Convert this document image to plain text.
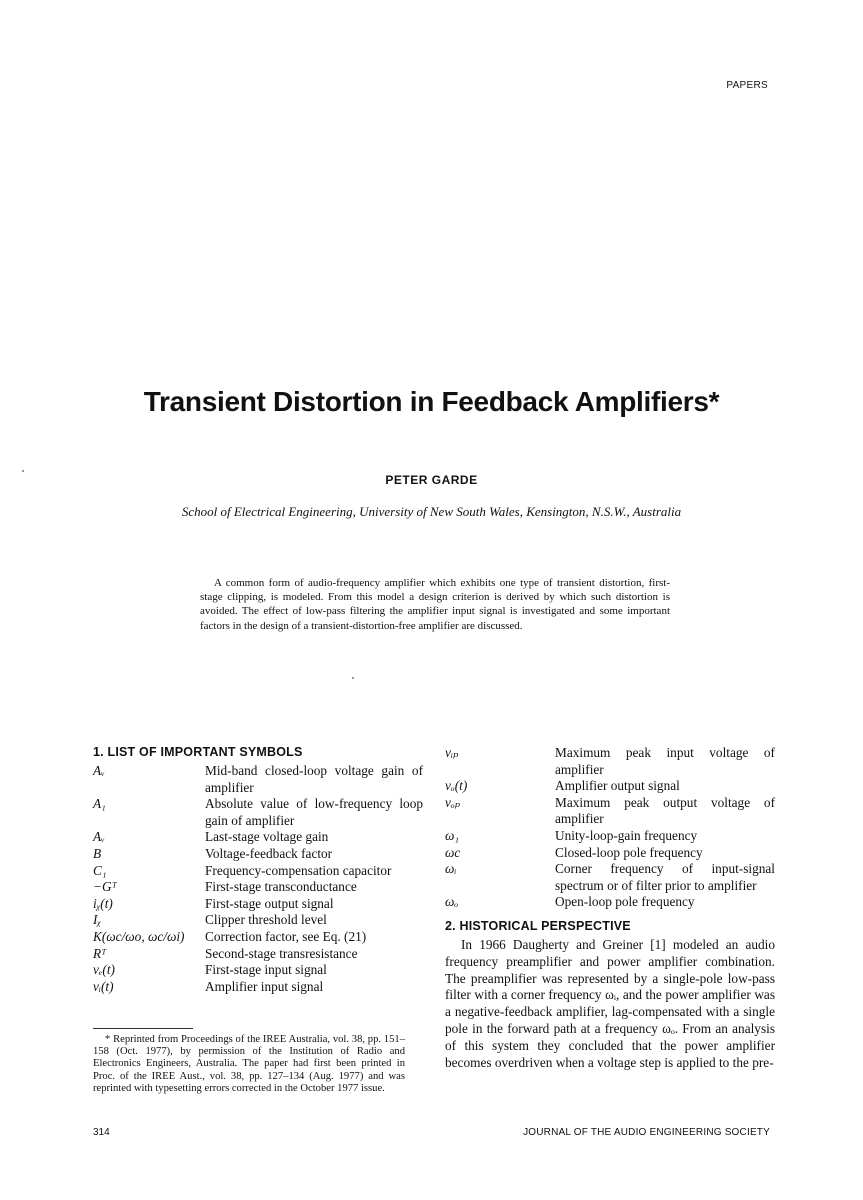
PAPERS
Transient Distortion in Feedback Amplifiers*
PETER GARDE
School of Electrical Engineering, University of New South Wales, Kensington, N.S.W., Australia
A common form of audio-frequency amplifier which exhibits one type of transient distortion, first-stage clipping, is modeled. From this model a design criterion is derived by which such distortion is avoided. The effect of low-pass filtering the amplifier input signal is investigated and some important factors in the design of a transient-distortion-free amplifier are discussed.
1. LIST OF IMPORTANT SYMBOLS
Aᵥ	Mid-band closed-loop voltage gain of amplifier
A₁	Absolute value of low-frequency loop gain of amplifier
Aᵥ	Last-stage voltage gain
B	Voltage-feedback factor
C₁	Frequency-compensation capacitor
−Gᵀ	First-stage transconductance
iᵪ(t)	First-stage output signal
Iᵪ	Clipper threshold level
K(ωc/ωo, ωc/ωi)	Correction factor, see Eq. (21)
Rᵀ	Second-stage transresistance
vₑ(t)	First-stage input signal
vᵢ(t)	Amplifier input signal
* Reprinted from Proceedings of the IREE Australia, vol. 38, pp. 151–158 (Oct. 1977), by permission of the Institution of Radio and Electronics Engineers, Australia. The paper had first been printed in Proc. of the IREE Aust., vol. 38, pp. 127–134 (Aug. 1977) and was reprinted with typesetting errors corrected in the October 1977 issue.
vᵢₚ	Maximum peak input voltage of amplifier
vₒ(t)	Amplifier output signal
vₒₚ	Maximum peak output voltage of amplifier
ω₁	Unity-loop-gain frequency
ωc	Closed-loop pole frequency
ωᵢ	Corner frequency of input-signal spectrum or of filter prior to amplifier
ωₒ	Open-loop pole frequency
2. HISTORICAL PERSPECTIVE

In 1966 Daugherty and Greiner [1] modeled an audio frequency preamplifier and power amplifier combination. The preamplifier was represented by a single-pole low-pass filter with a corner frequency ωᵢ, and the power amplifier was a negative-feedback amplifier, lag-compensated with a single pole in the forward path at a frequency ωₒ. From an analysis of this system they concluded that the power amplifier becomes overdriven when a voltage step is applied to the pre-

314	JOURNAL OF THE AUDIO ENGINEERING SOCIETY
